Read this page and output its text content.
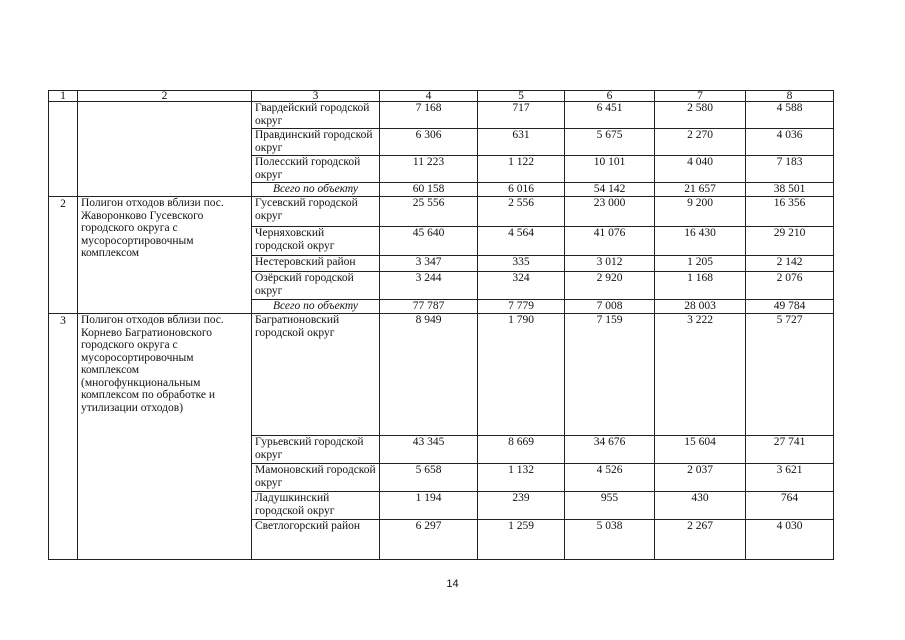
1	2	3	4	5	6	7	8
		Гвардейский городской округ	7 168	717	6 451	2 580	4 588
		Правдинский городской округ	6 306	631	5 675	2 270	4 036
		Полесский городской округ	11 223	1 122	10 101	4 040	7 183
		Всего по объекту	60 158	6 016	54 142	21 657	38 501
2	Полигон отходов вблизи пос. Жаворонково Гусевского городского округа с мусоросортировочным комплексом	Гусевский городской округ	25 556	2 556	23 000	9 200	16 356
		Черняховский городской округ	45 640	4 564	41 076	16 430	29 210
		Нестеровский район	3 347	335	3 012	1 205	2 142
		Озёрский городской округ	3 244	324	2 920	1 168	2 076
		Всего по объекту	77 787	7 779	7 008	28 003	49 784
3	Полигон отходов вблизи пос. Корнево Багратионовского городского округа с мусоросортировочным комплексом (многофункциональным комплексом по обработке и утилизации отходов)	Багратионовский городской округ	8 949	1 790	7 159	3 222	5 727
		Гурьевский городской округ	43 345	8 669	34 676	15 604	27 741
		Мамоновский городской округ	5 658	1 132	4 526	2 037	3 621
		Ладушкинский городской округ	1 194	239	955	430	764
		Светлогорский район	6 297	1 259	5 038	2 267	4 030
14
